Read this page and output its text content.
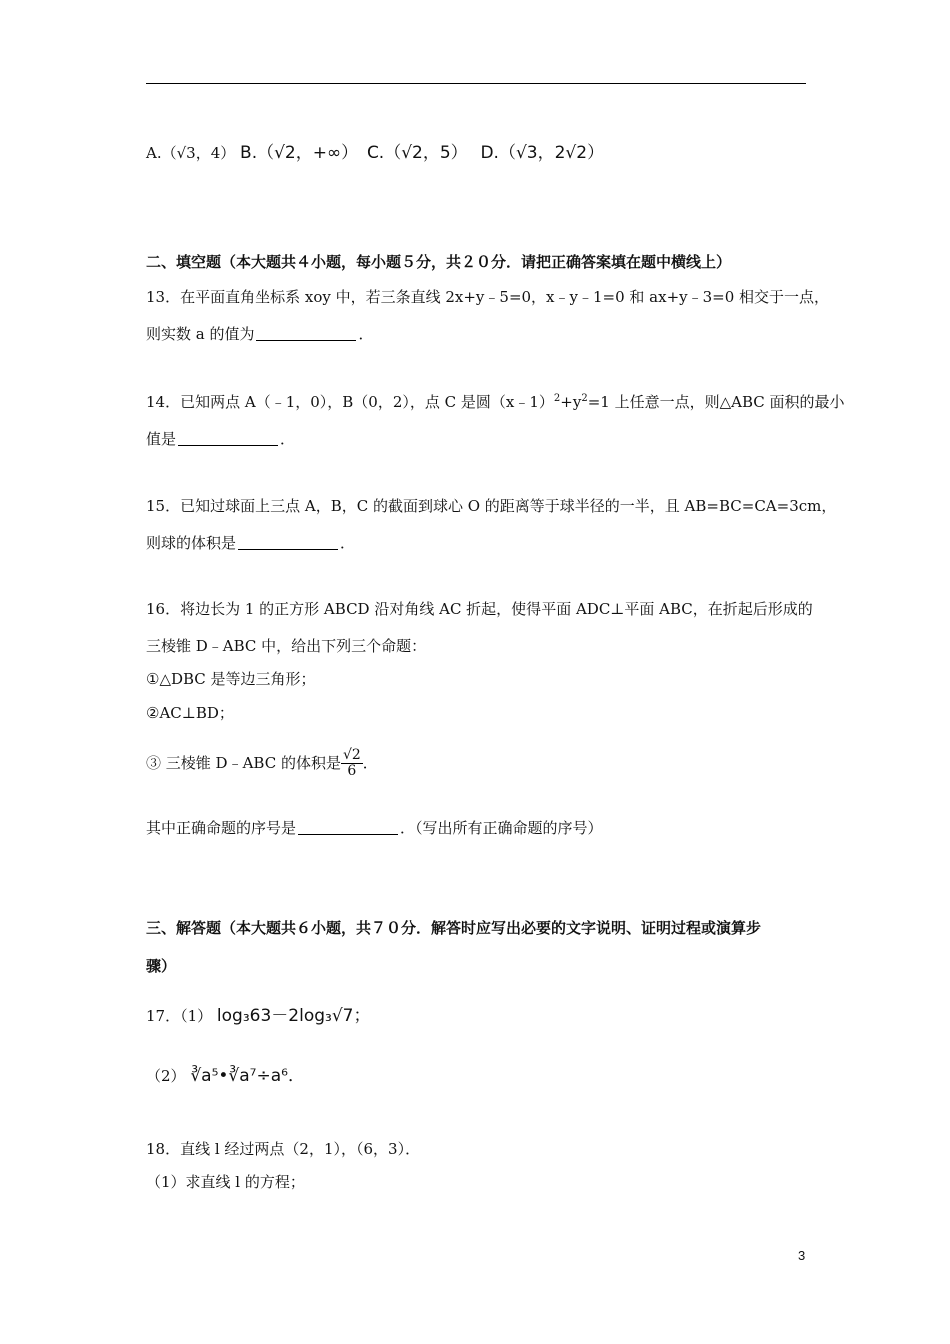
A.（√3，4） B.（√2，+∞） C.（√2，5） D.（√3，2√2）
二、填空题（本大题共４小题，每小题５分，共２０分．请把正确答案填在题中横线上）
13．在平面直角坐标系 xoy 中，若三条直线 2x+y﹣5=0，x﹣y﹣1=0 和 ax+y﹣3=0 相交于一点，
则实数 a 的值为	．
14．已知两点 A（﹣1，0），B（0，2），点 C 是圆$(x﹣1)^2+y^2=1$ 上任意一点，则△ABC 面积的最小
值是	．
15．已知过球面上三点 A，B，C 的截面到球心 O 的距离等于球半径的一半，且 AB=BC=CA=3cm，
则球的体积是	．
16．将边长为 1 的正方形 ABCD 沿对角线 AC 折起，使得平面 ADC⊥平面 ABC，在折起后形成的
三棱锥 D﹣ABC 中，给出下列三个命题：
①△DBC 是等边三角形；
②AC⊥BD；
③ 三棱锥 D﹣ABC 的体积是 $\frac{√2}{6}$ ．
其中正确命题的序号是	．（写出所有正确命题的序号）
三、解答题（本大题共６小题，共７０分．解答时应写出必要的文字说明、证明过程或演算步
骤）
17．（1） log₃63－2log₃√7；
（2） ∛a⁵•∛a⁷÷a⁶．
18．直线 l 经过两点（2，1），（6，3）．
（1）求直线 l 的方程；
3
